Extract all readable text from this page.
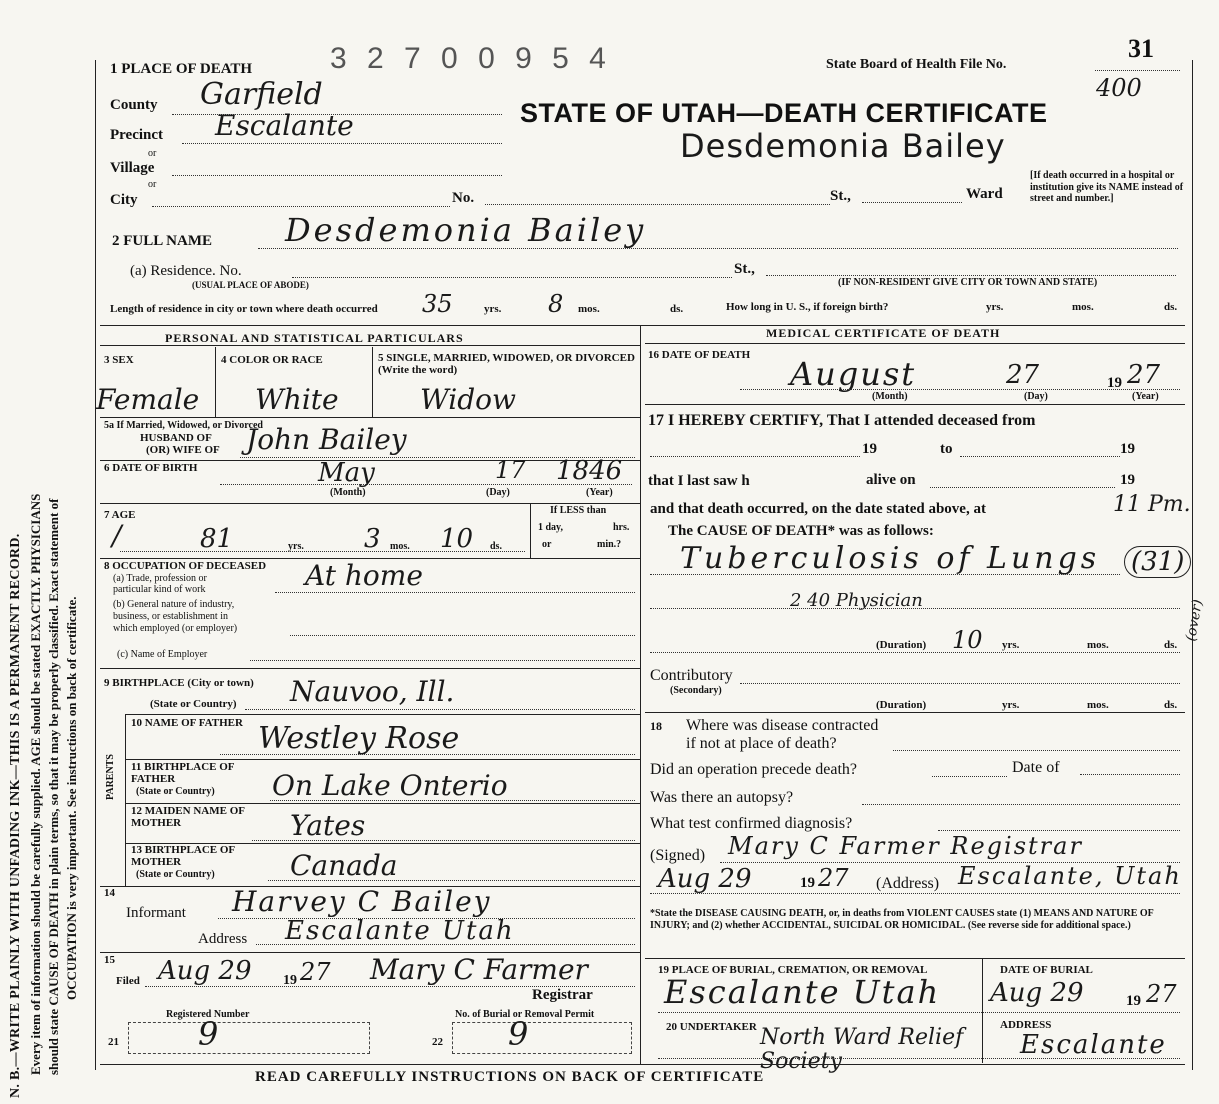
N. B.—WRITE PLAINLY WITH UNFADING INK—THIS IS A PERMANENT RECORD. Every item of information should be carefully supplied. AGE should be stated EXACTLY. PHYSICIANS should state CAUSE OF DEATH in plain terms, so that it may be properly classified. Exact statement of OCCUPATION is very important. See instructions on back of certificate.
1 PLACE OF DEATH	3 2 7 0 0 9 5 4	State Board of Health File No.
31
400
STATE OF UTAH—DEATH CERTIFICATE
Desdemonia Bailey
[If death occurred in a hospital or institution give its NAME instead of street and number.]
County Garfield
Precinct Escalante
or
Village
or
City	No.	St.,	Ward
2 FULL NAME Desdemonia Bailey
(a) Residence. No.
(USUAL PLACE OF ABODE)
St.,
(IF NON-RESIDENT GIVE CITY OR TOWN AND STATE)
Length of residence in city or town where death occurred 35	yrs. 8 mos.	ds.	How long in U. S., if foreign birth?	yrs.	mos.	ds.
PERSONAL AND STATISTICAL PARTICULARS	MEDICAL CERTIFICATE OF DEATH
3 SEX
Female
4 COLOR OR RACE
White
5 SINGLE, MARRIED, WIDOWED, OR DIVORCED (Write the word)
Widow
5a If Married, Widowed, or Divorced
HUSBAND OF
(OR) WIFE OF John Bailey
6 DATE OF BIRTH	May	17 1846
(Month)	(Day)	(Year)
7 AGE
/	81	yrs. 3 mos. 10 ds.
If LESS than
1 day,	hrs.
or	min.?
8 OCCUPATION OF DECEASED
(a) Trade, profession or
particular kind of work
(b) General nature of industry,
business, or establishment in
which employed (or employer)
At home
(c) Name of Employer
9 BIRTHPLACE (City or town)
(State or Country) Nauvoo, Ill.
PARENTS
10 NAME OF FATHER Westley Rose
11 BIRTHPLACE OF FATHER
(State or Country) On Lake Onterio
12 MAIDEN NAME OF MOTHER	Yates
13 BIRTHPLACE OF MOTHER
(State or Country)	Canada
14
Informant Harvey C Bailey
Address Escalante Utah
15
Filed Aug 29 19 27 Mary C Farmer
Registrar
Registered Number
21 9
No. of Burial or Removal Permit
22 9
16 DATE OF DEATH August	27	19 27
(Month)	(Day)	(Year)
17 I HEREBY CERTIFY, That I attended deceased from
19	to	19
that I last saw h	alive on	19
and that death occurred, on the date stated above, at	11 Pm.
The CAUSE OF DEATH* was as follows:
Tuberculosis of Lungs (31)
2 40 Physician	(over)
(Duration) 10 yrs.	mos.	ds.
Contributory
(Secondary)
(Duration)	yrs.	mos.	ds.
18 Where was disease contracted
if not at place of death?
Did an operation precede death?	Date of
Was there an autopsy?
What test confirmed diagnosis?
(Signed) Mary C Farmer Registrar
Aug 29	19 27 (Address) Escalante, Utah
*State the DISEASE CAUSING DEATH, or, in deaths from VIOLENT CAUSES state (1) MEANS AND NATURE OF INJURY; and (2) whether ACCIDENTAL, SUICIDAL OR HOMICIDAL. (See reverse side for additional space.)
19 PLACE OF BURIAL, CREMATION, OR REMOVAL
Escalante Utah
DATE OF BURIAL
Aug 29	19 27
20 UNDERTAKER North Ward Relief Society
ADDRESS
Escalante
READ CAREFULLY INSTRUCTIONS ON BACK OF CERTIFICATE
